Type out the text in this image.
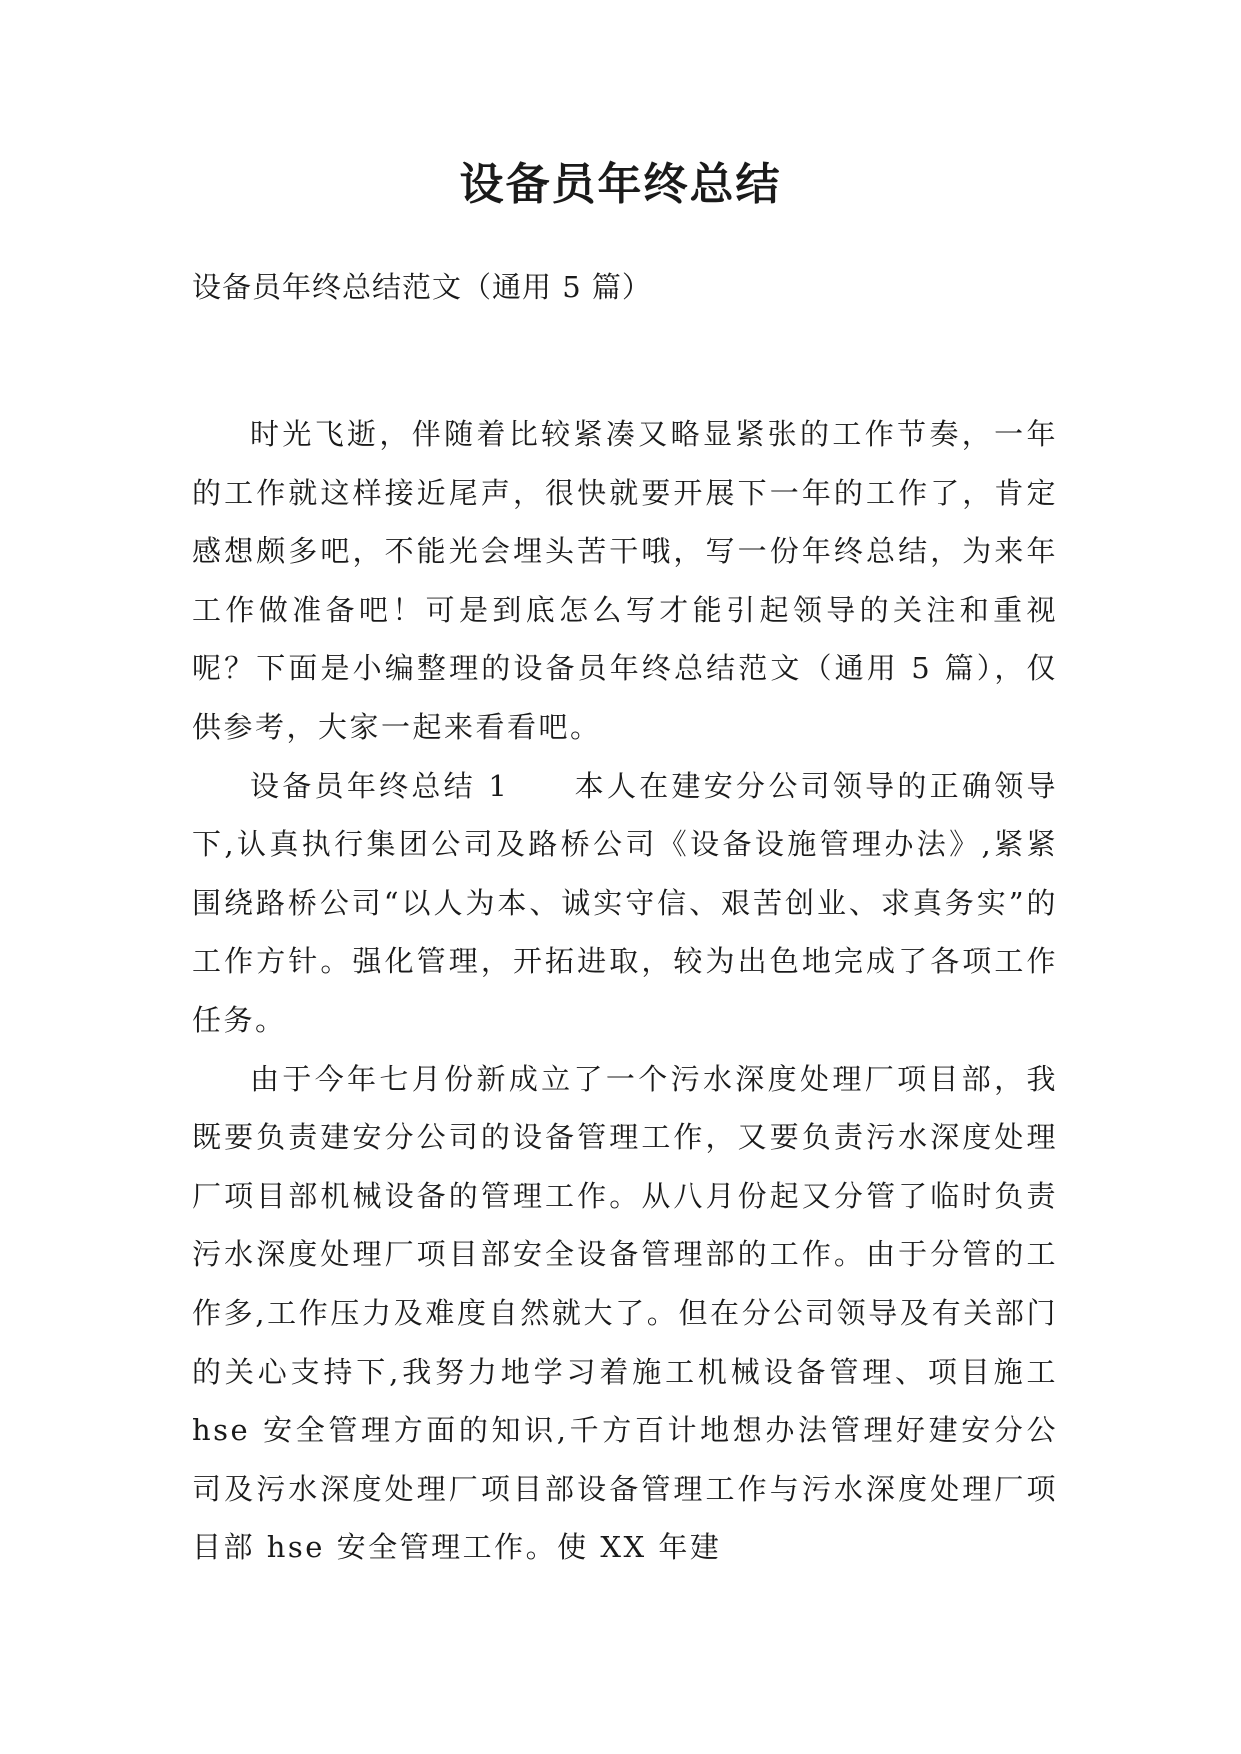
设备员年终总结

设备员年终总结范文（通用 5 篇）

时光飞逝，伴随着比较紧凑又略显紧张的工作节奏，一年的工作就这样接近尾声，很快就要开展下一年的工作了，肯定感想颇多吧，不能光会埋头苦干哦，写一份年终总结，为来年工作做准备吧！可是到底怎么写才能引起领导的关注和重视呢？下面是小编整理的设备员年终总结范文（通用 5 篇），仅供参考，大家一起来看看吧。

设备员年终总结 1　　本人在建安分公司领导的正确领导下,认真执行集团公司及路桥公司《设备设施管理办法》,紧紧围绕路桥公司“以人为本、诚实守信、艰苦创业、求真务实”的工作方针。强化管理，开拓进取，较为出色地完成了各项工作任务。

由于今年七月份新成立了一个污水深度处理厂项目部，我既要负责建安分公司的设备管理工作，又要负责污水深度处理厂项目部机械设备的管理工作。从八月份起又分管了临时负责污水深度处理厂项目部安全设备管理部的工作。由于分管的工作多,工作压力及难度自然就大了。但在分公司领导及有关部门的关心支持下,我努力地学习着施工机械设备管理、项目施工 hse 安全管理方面的知识,千方百计地想办法管理好建安分公司及污水深度处理厂项目部设备管理工作与污水深度处理厂项目部 hse 安全管理工作。使 XX 年建
